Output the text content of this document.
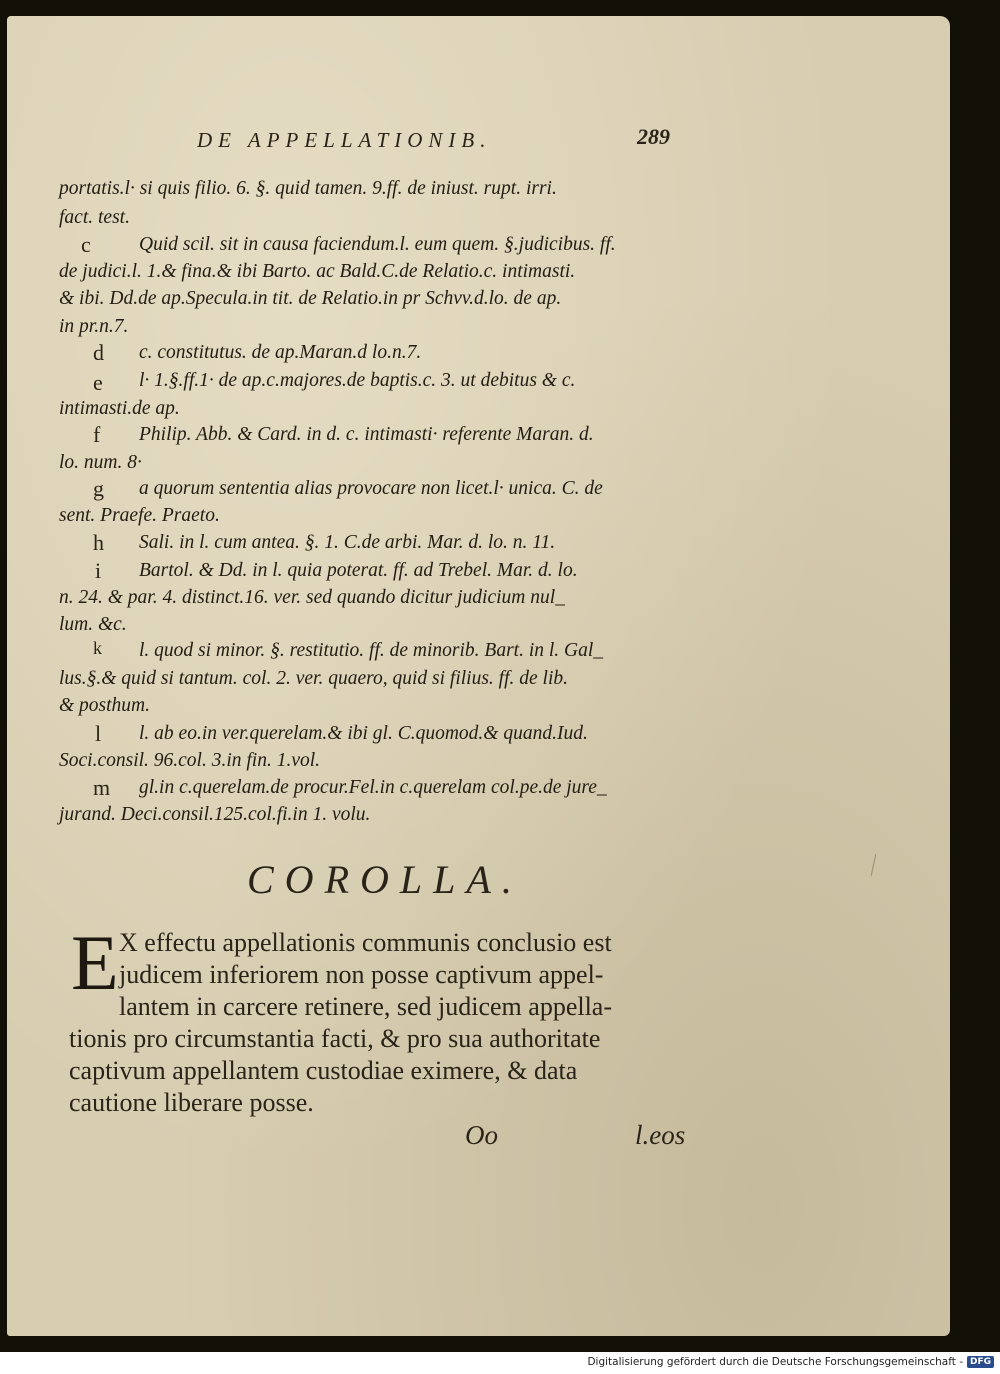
DE APPELLATIONIB.	289
portatis.l· si quis filio. 6. §. quid tamen. 9.ff. de iniust. rupt. irri.
fact. test.
c Quid scil. sit in causa faciendum.l. eum quem. §.judicibus. ff.
de judici.l. 1.& fina.& ibi Barto. ac Bald.C.de Relatio.c. intimasti.
& ibi. Dd.de ap.Specula.in tit. de Relatio.in pr Schvv.d.lo. de ap.
in pr.n.7.
d c. constitutus. de ap.Maran.d lo.n.7.
e l· 1.§.ff.1· de ap.c.majores.de baptis.c. 3. ut debitus & c.
intimasti.de ap.
f Philip. Abb. & Card. in d. c. intimasti· referente Maran. d.
lo. num. 8·
g a quorum sententia alias provocare non licet.l· unica. C. de
sent. Praefe. Praeto.
h Sali. in l. cum antea. §. 1. C.de arbi. Mar. d. lo. n. 11.
i Bartol. & Dd. in l. quia poterat. ff. ad Trebel. Mar. d. lo.
n. 24. & par. 4. distinct.16. ver. sed quando dicitur judicium nul_
lum. &c.
k l. quod si minor. §. restitutio. ff. de minorib. Bart. in l. Gal_
lus.§.& quid si tantum. col. 2. ver. quaero, quid si filius. ff. de lib.
& posthum.
l l. ab eo.in ver.querelam.& ibi gl. C.quomod.& quand.Iud.
Soci.consil. 96.col. 3.in fin. 1.vol.
m gl.in c.querelam.de procur.Fel.in c.querelam col.pe.de jure_
jurand. Deci.consil.125.col.fi.in 1. volu.
COROLLA.
E X effectu appellationis communis conclusio est
judicem inferiorem non posse captivum appel-
lantem in carcere retinere, sed judicem appella-
tionis pro circumstantia facti, & pro sua authoritate
captivum appellantem custodiae eximere, & data
cautione liberare posse.
Oo	l.eos
Digitalisierung gefördert durch die Deutsche Forschungsgemeinschaft - DFG
